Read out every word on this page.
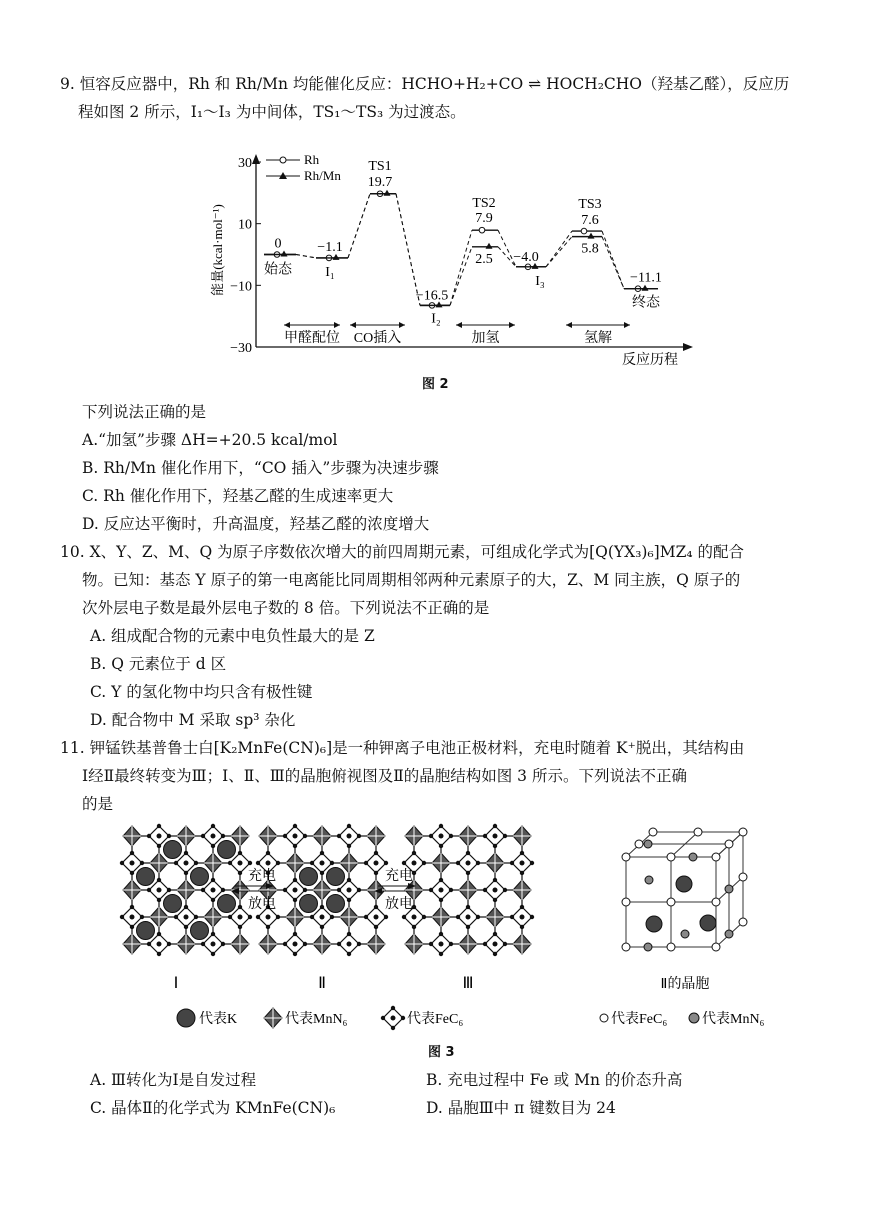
9. 恒容反应器中，Rh 和 Rh/Mn 均能催化反应：HCHO+H₂+CO ⇌ HOCH₂CHO（羟基乙醛），反应历
程如图 2 所示，I₁～I₃ 为中间体，TS₁～TS₃ 为过渡态。
30
10
−10
−30
能量(kcal·mol⁻¹)
反应历程
Rh
Rh/Mn
0	−1.1
19.7
−16.5
7.9
2.5 −4.0
7.6
5.8
−11.1
始态 I₁
TS1
I₂
TS2
I₃
TS3
终态
甲醛配位 CO插入	加氢	氢解
图 2
下列说法正确的是
A.“加氢”步骤 ΔH=+20.5 kcal/mol
B. Rh/Mn 催化作用下，“CO 插入”步骤为决速步骤
C. Rh 催化作用下，羟基乙醛的生成速率更大
D. 反应达平衡时，升高温度，羟基乙醛的浓度增大
10. X、Y、Z、M、Q 为原子序数依次增大的前四周期元素，可组成化学式为[Q(YX₃)₆]MZ₄ 的配合
物。已知：基态 Y 原子的第一电离能比同周期相邻两种元素原子的大，Z、M 同主族，Q 原子的
次外层电子数是最外层电子数的 8 倍。下列说法不正确的是
A. 组成配合物的元素中电负性最大的是 Z
B. Q 元素位于 d 区
C. Y 的氢化物中均只含有极性键
D. 配合物中 M 采取 sp³ 杂化
11. 钾锰铁基普鲁士白[K₂MnFe(CN)₆]是一种钾离子电池正极材料，充电时随着 K⁺脱出，其结构由
Ⅰ经Ⅱ最终转变为Ⅲ；Ⅰ、Ⅱ、Ⅲ的晶胞俯视图及Ⅱ的晶胞结构如图 3 所示。下列说法不正确
的是
充电
放电
充电
放电
Ⅰ	Ⅱ	Ⅲ	Ⅱ的晶胞
代表K	代表MnN₆	代表FeC₆	代表FeC₆ 代表MnN₆
图 3
A. Ⅲ转化为Ⅰ是自发过程	B. 充电过程中 Fe 或 Mn 的价态升高
C. 晶体Ⅱ的化学式为 KMnFe(CN)₆	D. 晶胞Ⅲ中 π 键数目为 24
